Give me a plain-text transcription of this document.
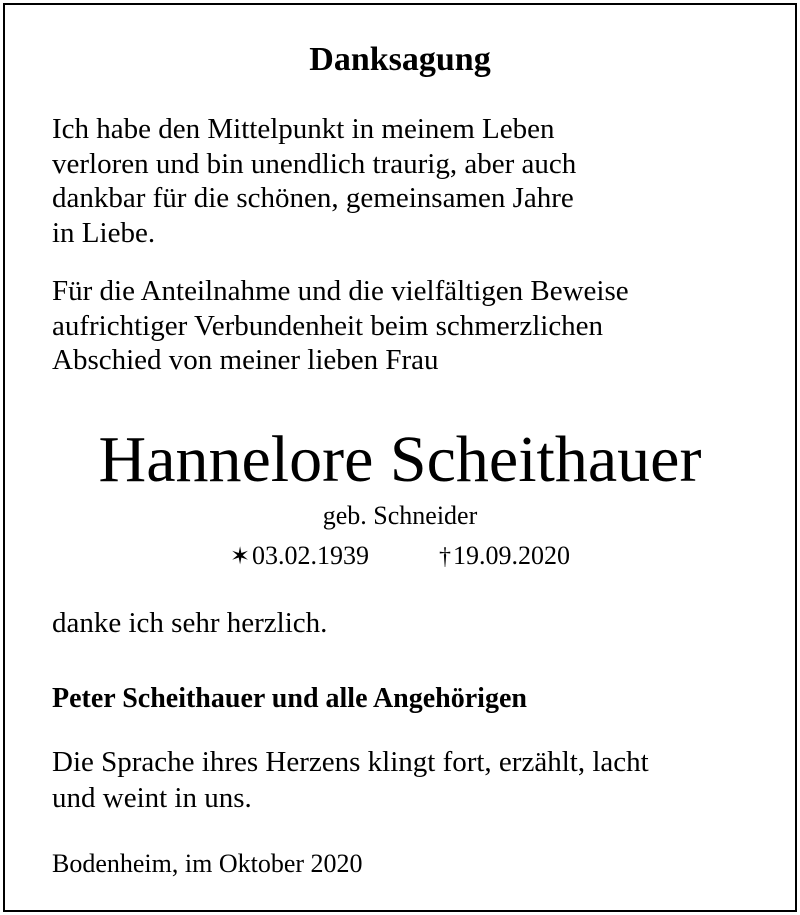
Danksagung
Ich habe den Mittelpunkt in meinem Leben
verloren und bin unendlich traurig, aber auch
dankbar für die schönen, gemeinsamen Jahre
in Liebe.
Für die Anteilnahme und die vielfältigen Beweise
aufrichtiger Verbundenheit beim schmerzlichen
Abschied von meiner lieben Frau
Hannelore Scheithauer
geb. Schneider
✶03.02.1939	†19.09.2020
danke ich sehr herzlich.
Peter Scheithauer und alle Angehörigen
Die Sprache ihres Herzens klingt fort, erzählt, lacht
und weint in uns.
Bodenheim, im Oktober 2020
